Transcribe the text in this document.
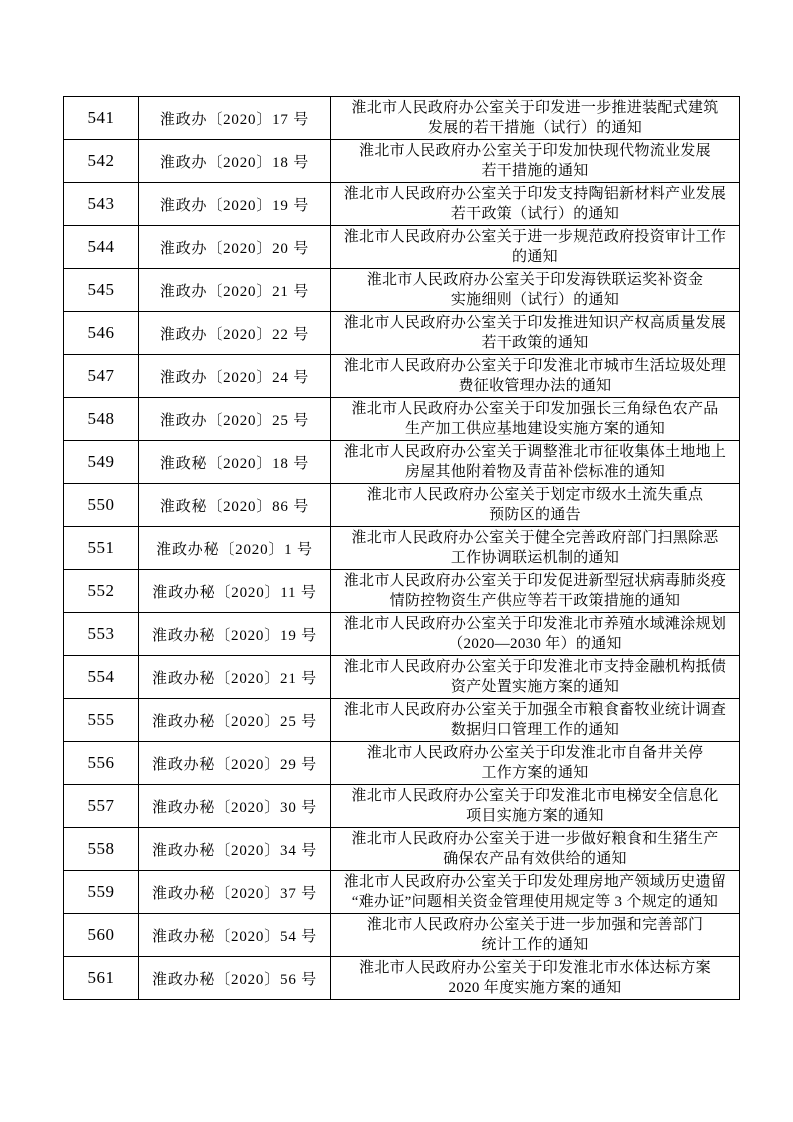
541	淮政办〔2020〕17 号	淮北市人民政府办公室关于印发进一步推进装配式建筑
发展的若干措施（试行）的通知
542	淮政办〔2020〕18 号	淮北市人民政府办公室关于印发加快现代物流业发展
若干措施的通知
543	淮政办〔2020〕19 号	淮北市人民政府办公室关于印发支持陶铝新材料产业发展
若干政策（试行）的通知
544	淮政办〔2020〕20 号	淮北市人民政府办公室关于进一步规范政府投资审计工作
的通知
545	淮政办〔2020〕21 号	淮北市人民政府办公室关于印发海铁联运奖补资金
实施细则（试行）的通知
546	淮政办〔2020〕22 号	淮北市人民政府办公室关于印发推进知识产权高质量发展
若干政策的通知
547	淮政办〔2020〕24 号	淮北市人民政府办公室关于印发淮北市城市生活垃圾处理
费征收管理办法的通知
548	淮政办〔2020〕25 号	淮北市人民政府办公室关于印发加强长三角绿色农产品
生产加工供应基地建设实施方案的通知
549	淮政秘〔2020〕18 号	淮北市人民政府办公室关于调整淮北市征收集体土地地上
房屋其他附着物及青苗补偿标准的通知
550	淮政秘〔2020〕86 号	淮北市人民政府办公室关于划定市级水土流失重点
预防区的通告
551	淮政办秘〔2020〕1 号	淮北市人民政府办公室关于健全完善政府部门扫黑除恶
工作协调联运机制的通知
552	淮政办秘〔2020〕11 号	淮北市人民政府办公室关于印发促进新型冠状病毒肺炎疫
情防控物资生产供应等若干政策措施的通知
553	淮政办秘〔2020〕19 号	淮北市人民政府办公室关于印发淮北市养殖水域滩涂规划
（2020—2030 年）的通知
554	淮政办秘〔2020〕21 号	淮北市人民政府办公室关于印发淮北市支持金融机构抵债
资产处置实施方案的通知
555	淮政办秘〔2020〕25 号	淮北市人民政府办公室关于加强全市粮食畜牧业统计调查
数据归口管理工作的通知
556	淮政办秘〔2020〕29 号	淮北市人民政府办公室关于印发淮北市自备井关停
工作方案的通知
557	淮政办秘〔2020〕30 号	淮北市人民政府办公室关于印发淮北市电梯安全信息化
项目实施方案的通知
558	淮政办秘〔2020〕34 号	淮北市人民政府办公室关于进一步做好粮食和生猪生产
确保农产品有效供给的通知
559	淮政办秘〔2020〕37 号	淮北市人民政府办公室关于印发处理房地产领域历史遗留
“难办证”问题相关资金管理使用规定等 3 个规定的通知
560	淮政办秘〔2020〕54 号	淮北市人民政府办公室关于进一步加强和完善部门
统计工作的通知
561	淮政办秘〔2020〕56 号	淮北市人民政府办公室关于印发淮北市水体达标方案
2020 年度实施方案的通知
